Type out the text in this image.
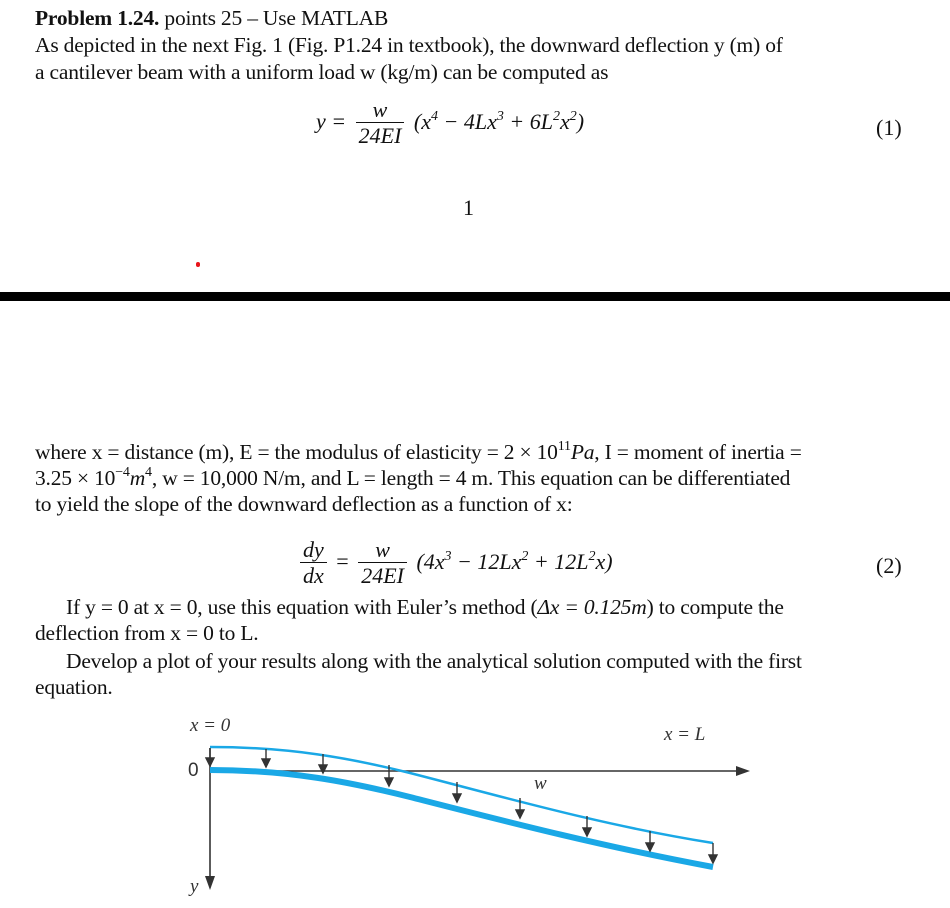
Problem 1.24. points 25 – Use MATLAB
As depicted in the next Fig. 1 (Fig. P1.24 in textbook), the downward deflection y (m) of
a cantilever beam with a uniform load w (kg/m) can be computed as
$y = \frac{w}{24EI} (x^4 - 4Lx^3 + 6L^2x^2)$	(1)
1
where x = distance (m), E = the modulus of elasticity = $2 \times 10^{11}Pa$, I = moment of inertia =
$3.25 \times 10^{-4}m^4$, w = 10,000 N/m, and L = length = 4 m. This equation can be differentiated
to yield the slope of the downward deflection as a function of x:
$\frac{dy}{dx} = \frac{w}{24EI} (4x^3 - 12Lx^2 + 12L^2x)$	(2)
If y = 0 at x = 0, use this equation with Euler’s method (Δx = 0.125m) to compute the
deflection from x = 0 to L.
Develop a plot of your results along with the analytical solution computed with the first
equation.
x = 0	x = L
0
w
y
